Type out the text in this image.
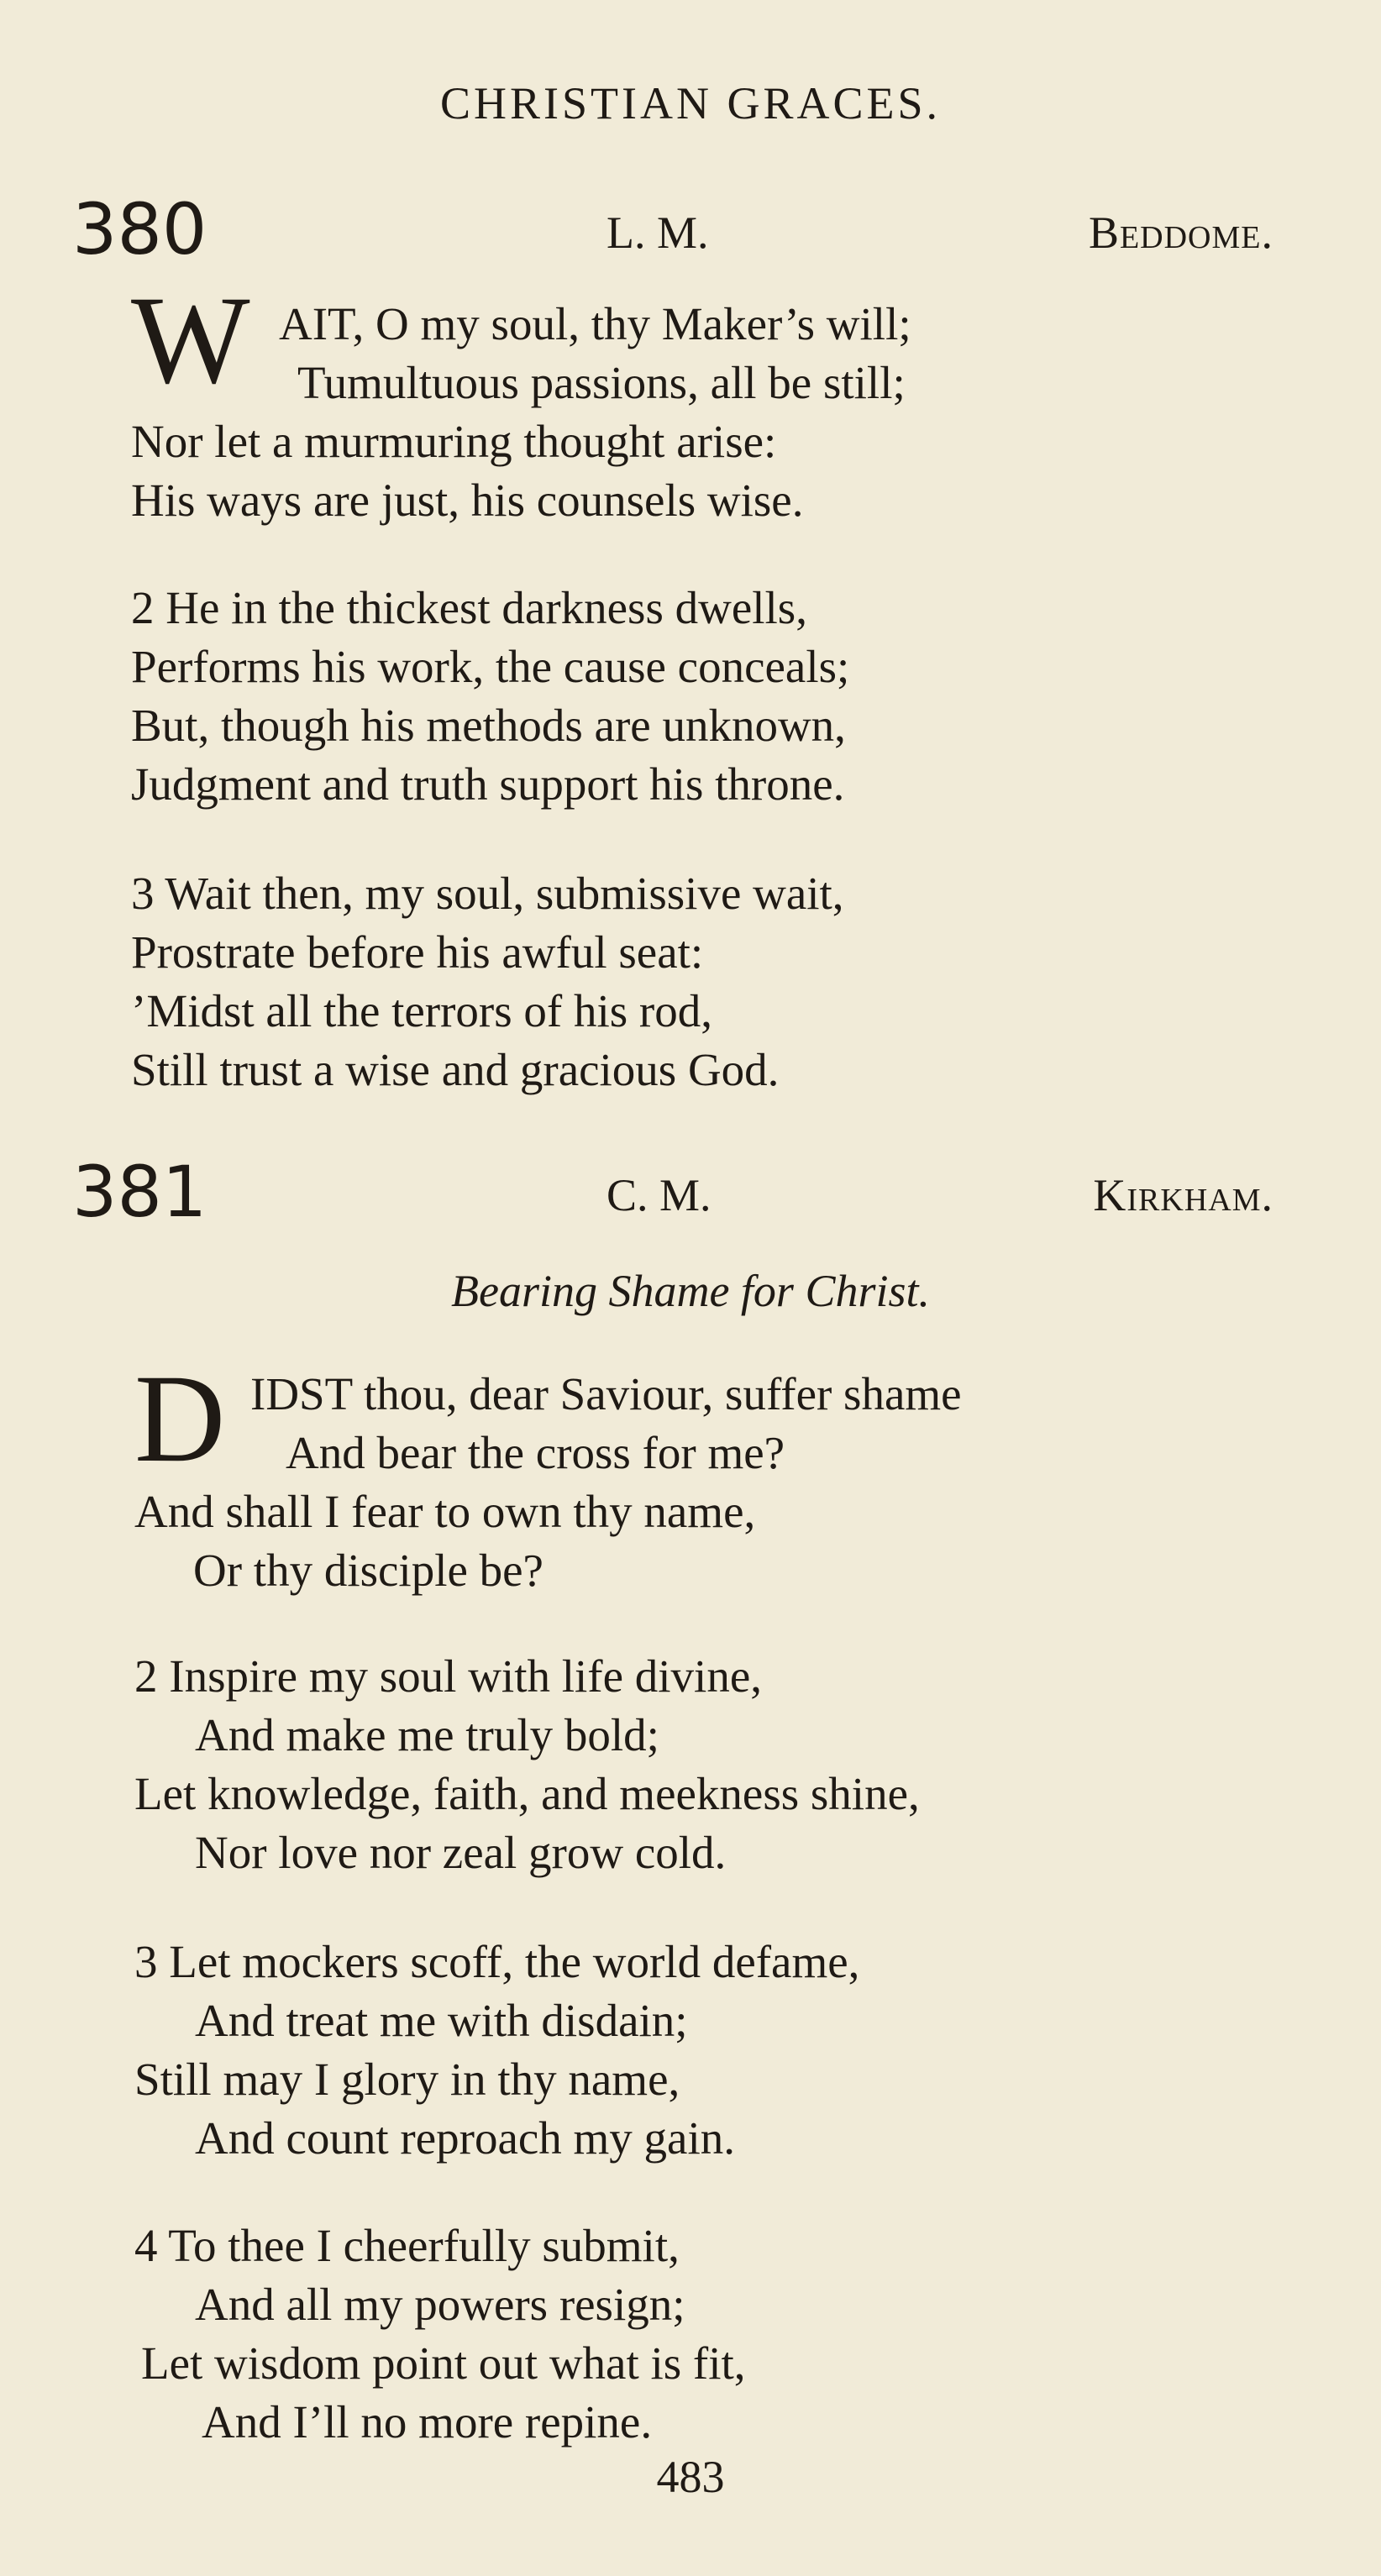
CHRISTIAN GRACES.
380	L. M.	Beddome.
W AIT, O my soul, thy Maker’s will;
Tumultuous passions, all be still;
Nor let a murmuring thought arise:
His ways are just, his counsels wise.
2 He in the thickest darkness dwells,
Performs his work, the cause conceals;
But, though his methods are unknown,
Judgment and truth support his throne.
3 Wait then, my soul, submissive wait,
Prostrate before his awful seat:
’Midst all the terrors of his rod,
Still trust a wise and gracious God.
381	C. M.	Kirkham.
Bearing Shame for Christ.
D IDST thou, dear Saviour, suffer shame
And bear the cross for me?
And shall I fear to own thy name,
Or thy disciple be?
2 Inspire my soul with life divine,
And make me truly bold;
Let knowledge, faith, and meekness shine,
Nor love nor zeal grow cold.
3 Let mockers scoff, the world defame,
And treat me with disdain;
Still may I glory in thy name,
And count reproach my gain.
4 To thee I cheerfully submit,
And all my powers resign;
Let wisdom point out what is fit,
And I’ll no more repine.
483
